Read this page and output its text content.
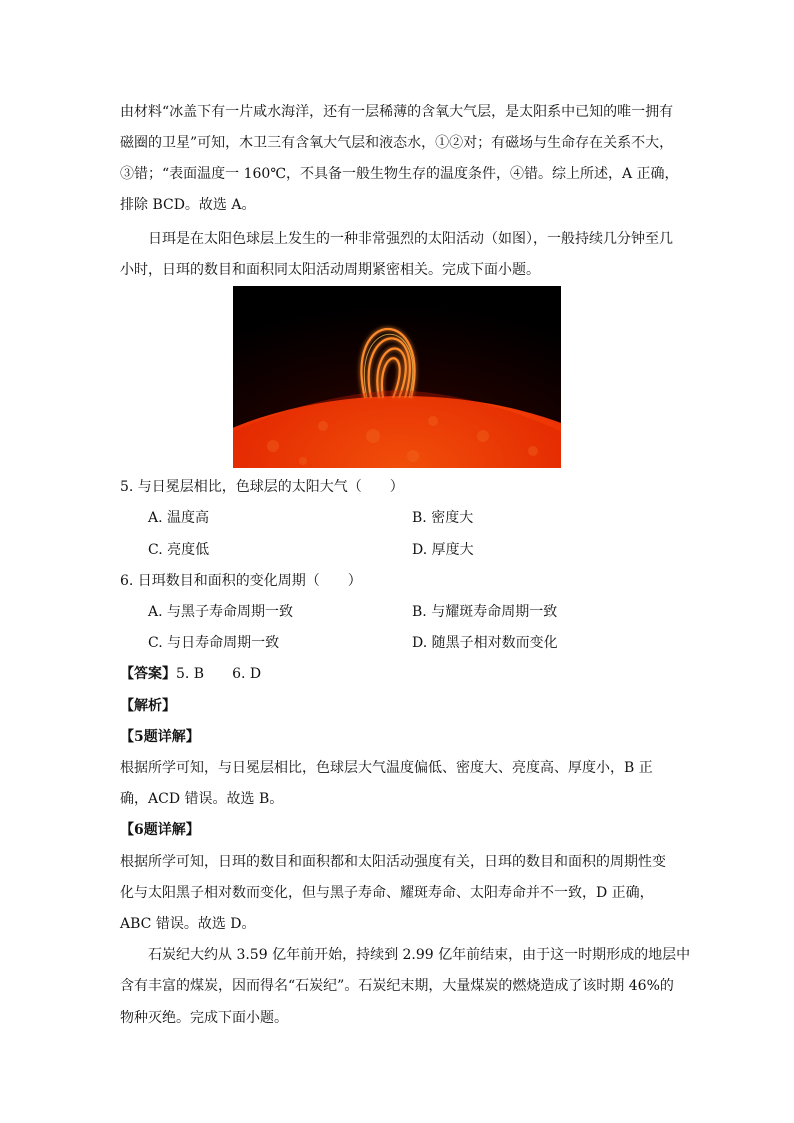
由材料“冰盖下有一片咸水海洋，还有一层稀薄的含氧大气层，是太阳系中已知的唯一拥有
磁圈的卫星”可知，木卫三有含氧大气层和液态水，①②对；有磁场与生命存在关系不大，
③错；“表面温度一 160℃，不具备一般生物生存的温度条件，④错。综上所述，A 正确，
排除 BCD。故选 A。
日珥是在太阳色球层上发生的一种非常强烈的太阳活动（如图），一般持续几分钟至几
小时，日珥的数目和面积同太阳活动周期紧密相关。完成下面小题。
5. 与日冕层相比，色球层的太阳大气（　　）
A. 温度高	B. 密度大
C. 亮度低	D. 厚度大
6. 日珥数目和面积的变化周期（　　）
A. 与黑子寿命周期一致	B. 与耀斑寿命周期一致
C. 与日寿命周期一致	D. 随黑子相对数而变化
【答案】5. B　　6. D
【解析】
【5题详解】
根据所学可知，与日冕层相比，色球层大气温度偏低、密度大、亮度高、厚度小，B 正
确，ACD 错误。故选 B。
【6题详解】
根据所学可知，日珥的数目和面积都和太阳活动强度有关，日珥的数目和面积的周期性变
化与太阳黑子相对数而变化，但与黑子寿命、耀斑寿命、太阳寿命并不一致，D 正确，
ABC 错误。故选 D。
石炭纪大约从 3.59 亿年前开始，持续到 2.99 亿年前结束，由于这一时期形成的地层中
含有丰富的煤炭，因而得名“石炭纪”。石炭纪末期，大量煤炭的燃烧造成了该时期 46%的
物种灭绝。完成下面小题。
